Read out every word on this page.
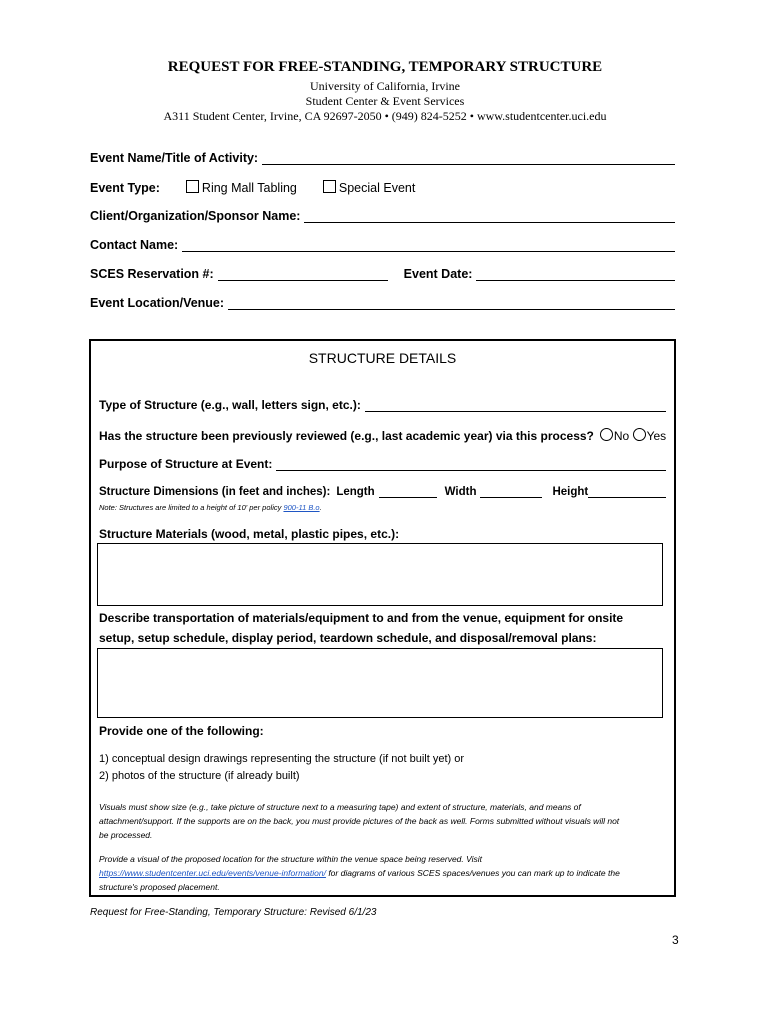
REQUEST FOR FREE-STANDING, TEMPORARY STRUCTURE
University of California, Irvine
Student Center & Event Services
A311 Student Center, Irvine, CA 92697-2050 • (949) 824-5252 • www.studentcenter.uci.edu
Event Name/Title of Activity:
Event Type:	Ring Mall Tabling	Special Event
Client/Organization/Sponsor Name:
Contact Name:
SCES Reservation #:	Event Date:
Event Location/Venue:
STRUCTURE DETAILS
Type of Structure (e.g., wall, letters sign, etc.):
Has the structure been previously reviewed (e.g., last academic year) via this process?	No Yes
Purpose of Structure at Event:
Structure Dimensions (in feet and inches): Length	Width	Height
Note: Structures are limited to a height of 10' per policy 900-11 B.o.
Structure Materials (wood, metal, plastic pipes, etc.):
Describe transportation of materials/equipment to and from the venue, equipment for onsite
setup, setup schedule, display period, teardown schedule, and disposal/removal plans:
Provide one of the following:
1) conceptual design drawings representing the structure (if not built yet) or
2) photos of the structure (if already built)
Visuals must show size (e.g., take picture of structure next to a measuring tape) and extent of structure, materials, and means of
attachment/support. If the supports are on the back, you must provide pictures of the back as well. Forms submitted without visuals will not
be processed.
Provide a visual of the proposed location for the structure within the venue space being reserved. Visit
https://www.studentcenter.uci.edu/events/venue-information/ for diagrams of various SCES spaces/venues you can mark up to indicate the
structure's proposed placement.
Request for Free-Standing, Temporary Structure: Revised 6/1/23
3
